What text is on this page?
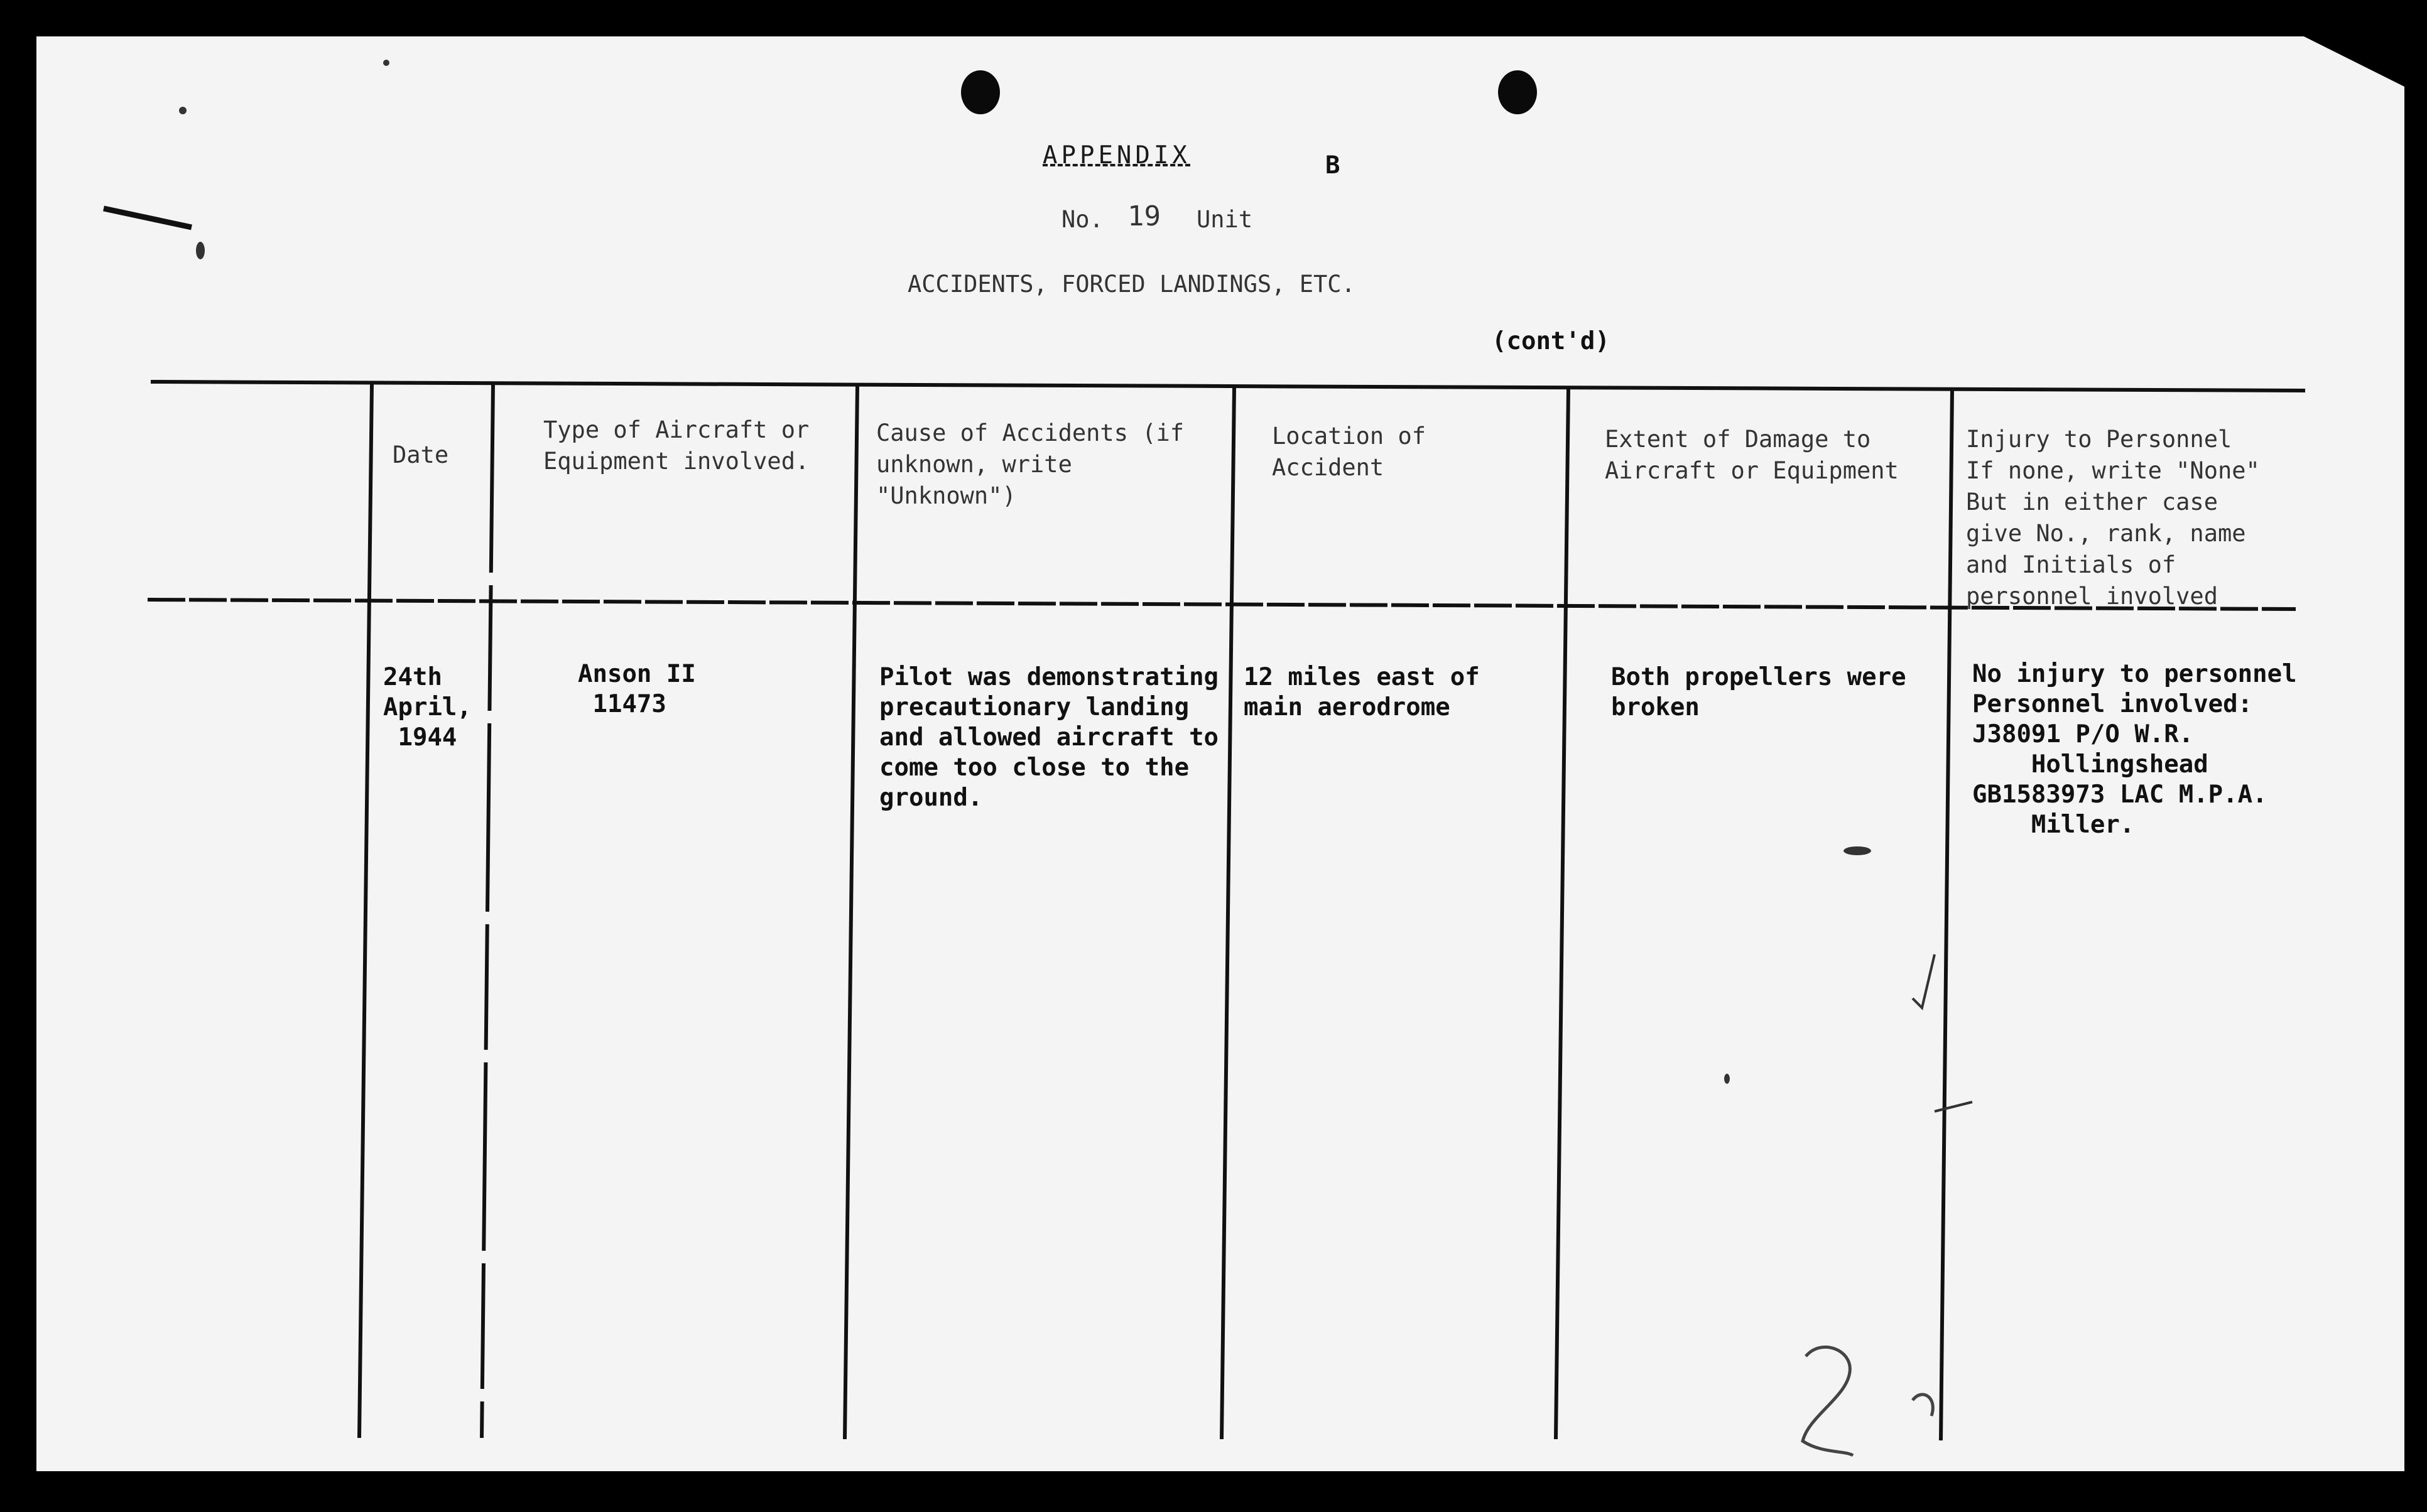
APPENDIX	B
No. 19 Unit
ACCIDENTS, FORCED LANDINGS, ETC.
(cont'd)
Date
Type of Aircraft or
Equipment involved.
Cause of Accidents (if
unknown, write
"Unknown")
Location of
Accident
Extent of Damage to
Aircraft or Equipment
Injury to Personnel
If none, write "None"
But in either case
give No., rank, name
and Initials of
personnel involved
24th
April,
1944
Anson II
11473
Pilot was demonstrating
precautionary landing
and allowed aircraft to
come too close to the
ground.
12 miles east of
main aerodrome
Both propellers were
broken
No injury to personnel
Personnel involved:
J38091 P/O W.R.
Hollingshead
GB1583973 LAC M.P.A.
Miller.
